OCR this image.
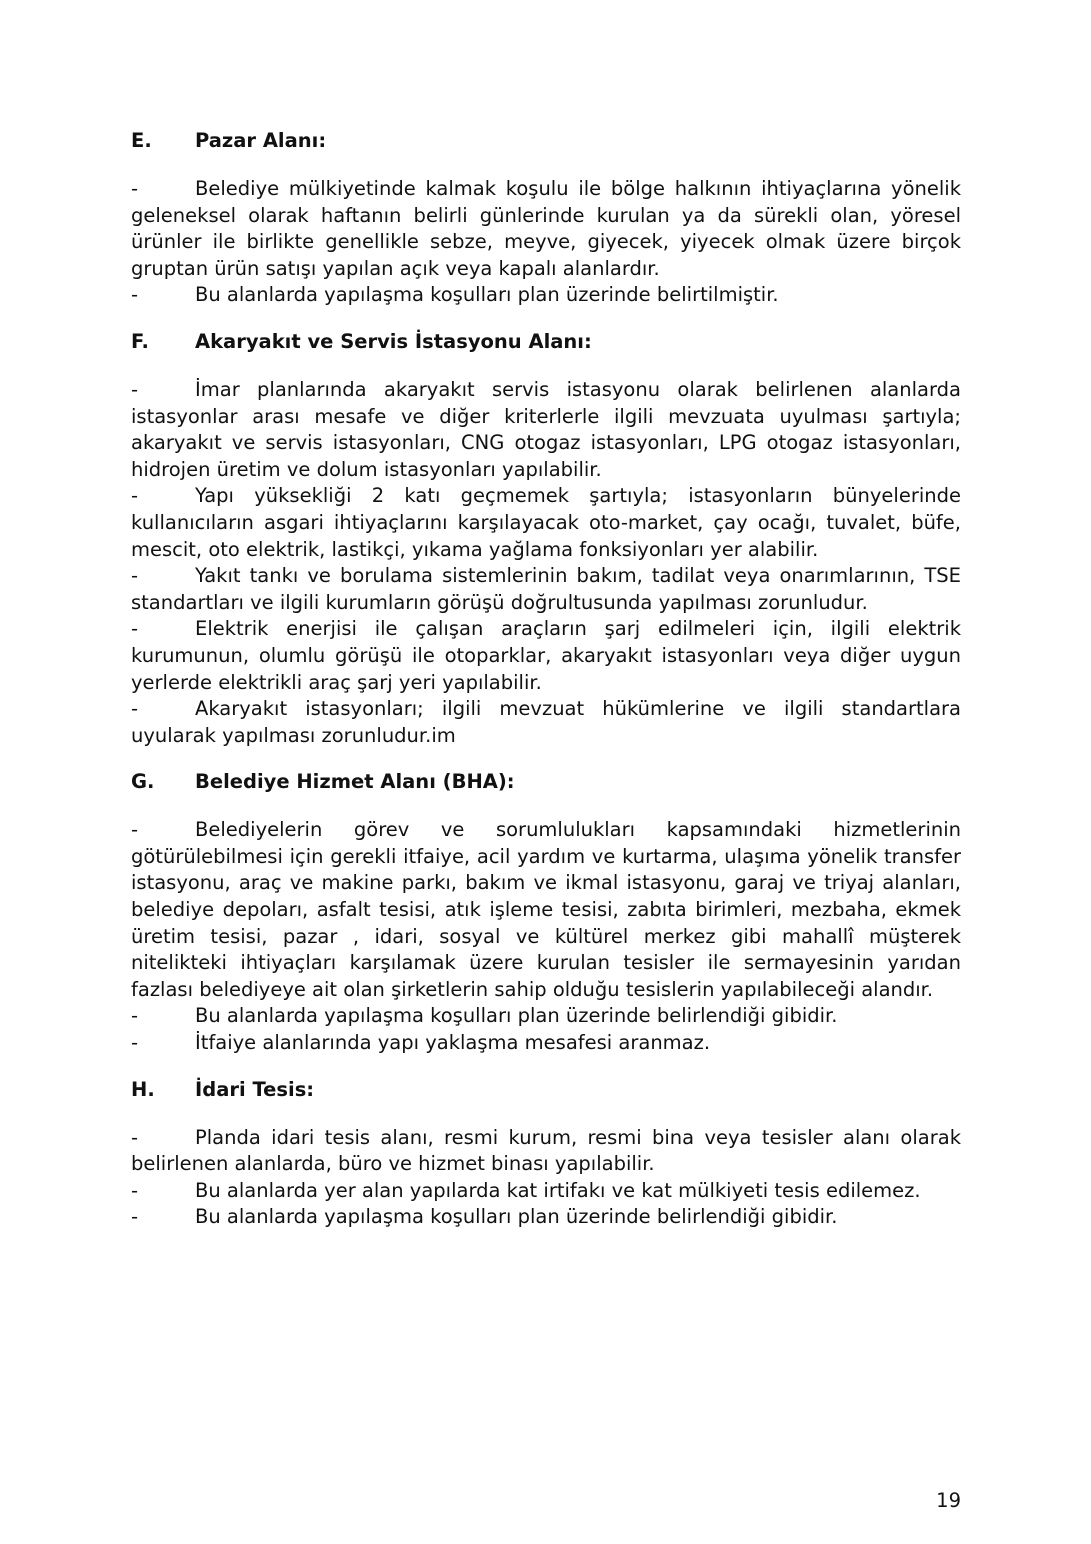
E.	Pazar Alanı:

-	Belediye mülkiyetinde kalmak koşulu ile bölge halkının ihtiyaçlarına yönelik geleneksel olarak haftanın belirli günlerinde kurulan ya da sürekli olan, yöresel ürünler ile birlikte genellikle sebze, meyve, giyecek, yiyecek olmak üzere birçok gruptan ürün satışı yapılan açık veya kapalı alanlardır.

-	Bu alanlarda yapılaşma koşulları plan üzerinde belirtilmiştir.

F.	Akaryakıt ve Servis İstasyonu Alanı:

-	İmar planlarında akaryakıt servis istasyonu olarak belirlenen alanlarda istasyonlar arası mesafe ve diğer kriterlerle ilgili mevzuata uyulması şartıyla; akaryakıt ve servis istasyonları, CNG otogaz istasyonları, LPG otogaz istasyonları, hidrojen üretim ve dolum istasyonları yapılabilir.

-	Yapı yüksekliği 2 katı geçmemek şartıyla; istasyonların bünyelerinde kullanıcıların asgari ihtiyaçlarını karşılayacak oto-market, çay ocağı, tuvalet, büfe, mescit, oto elektrik, lastikçi, yıkama yağlama fonksiyonları yer alabilir.

-	Yakıt tankı ve borulama sistemlerinin bakım, tadilat veya onarımlarının, TSE standartları ve ilgili kurumların görüşü doğrultusunda yapılması zorunludur.

-	Elektrik enerjisi ile çalışan araçların şarj edilmeleri için, ilgili elektrik kurumunun, olumlu görüşü ile otoparklar, akaryakıt istasyonları veya diğer uygun yerlerde elektrikli araç şarj yeri yapılabilir.

-	Akaryakıt istasyonları; ilgili mevzuat hükümlerine ve ilgili standartlara uyularak yapılması zorunludur.im

G.	Belediye Hizmet Alanı (BHA):

-	Belediyelerin görev ve sorumlulukları kapsamındaki hizmetlerinin götürülebilmesi için gerekli itfaiye, acil yardım ve kurtarma, ulaşıma yönelik transfer istasyonu, araç ve makine parkı, bakım ve ikmal istasyonu, garaj ve triyaj alanları, belediye depoları, asfalt tesisi, atık işleme tesisi, zabıta birimleri, mezbaha, ekmek üretim tesisi, pazar , idari, sosyal ve kültürel merkez gibi mahallî müşterek nitelikteki ihtiyaçları karşılamak üzere kurulan tesisler ile sermayesinin yarıdan fazlası belediyeye ait olan şirketlerin sahip olduğu tesislerin yapılabileceği alandır.

-	Bu alanlarda yapılaşma koşulları plan üzerinde belirlendiği gibidir.

-	İtfaiye alanlarında yapı yaklaşma mesafesi aranmaz.

H.	İdari Tesis:

-	Planda idari tesis alanı, resmi kurum, resmi bina veya tesisler alanı olarak belirlenen alanlarda, büro ve hizmet binası yapılabilir.

-	Bu alanlarda yer alan yapılarda kat irtifakı ve kat mülkiyeti tesis edilemez.

-	Bu alanlarda yapılaşma koşulları plan üzerinde belirlendiği gibidir.

19
